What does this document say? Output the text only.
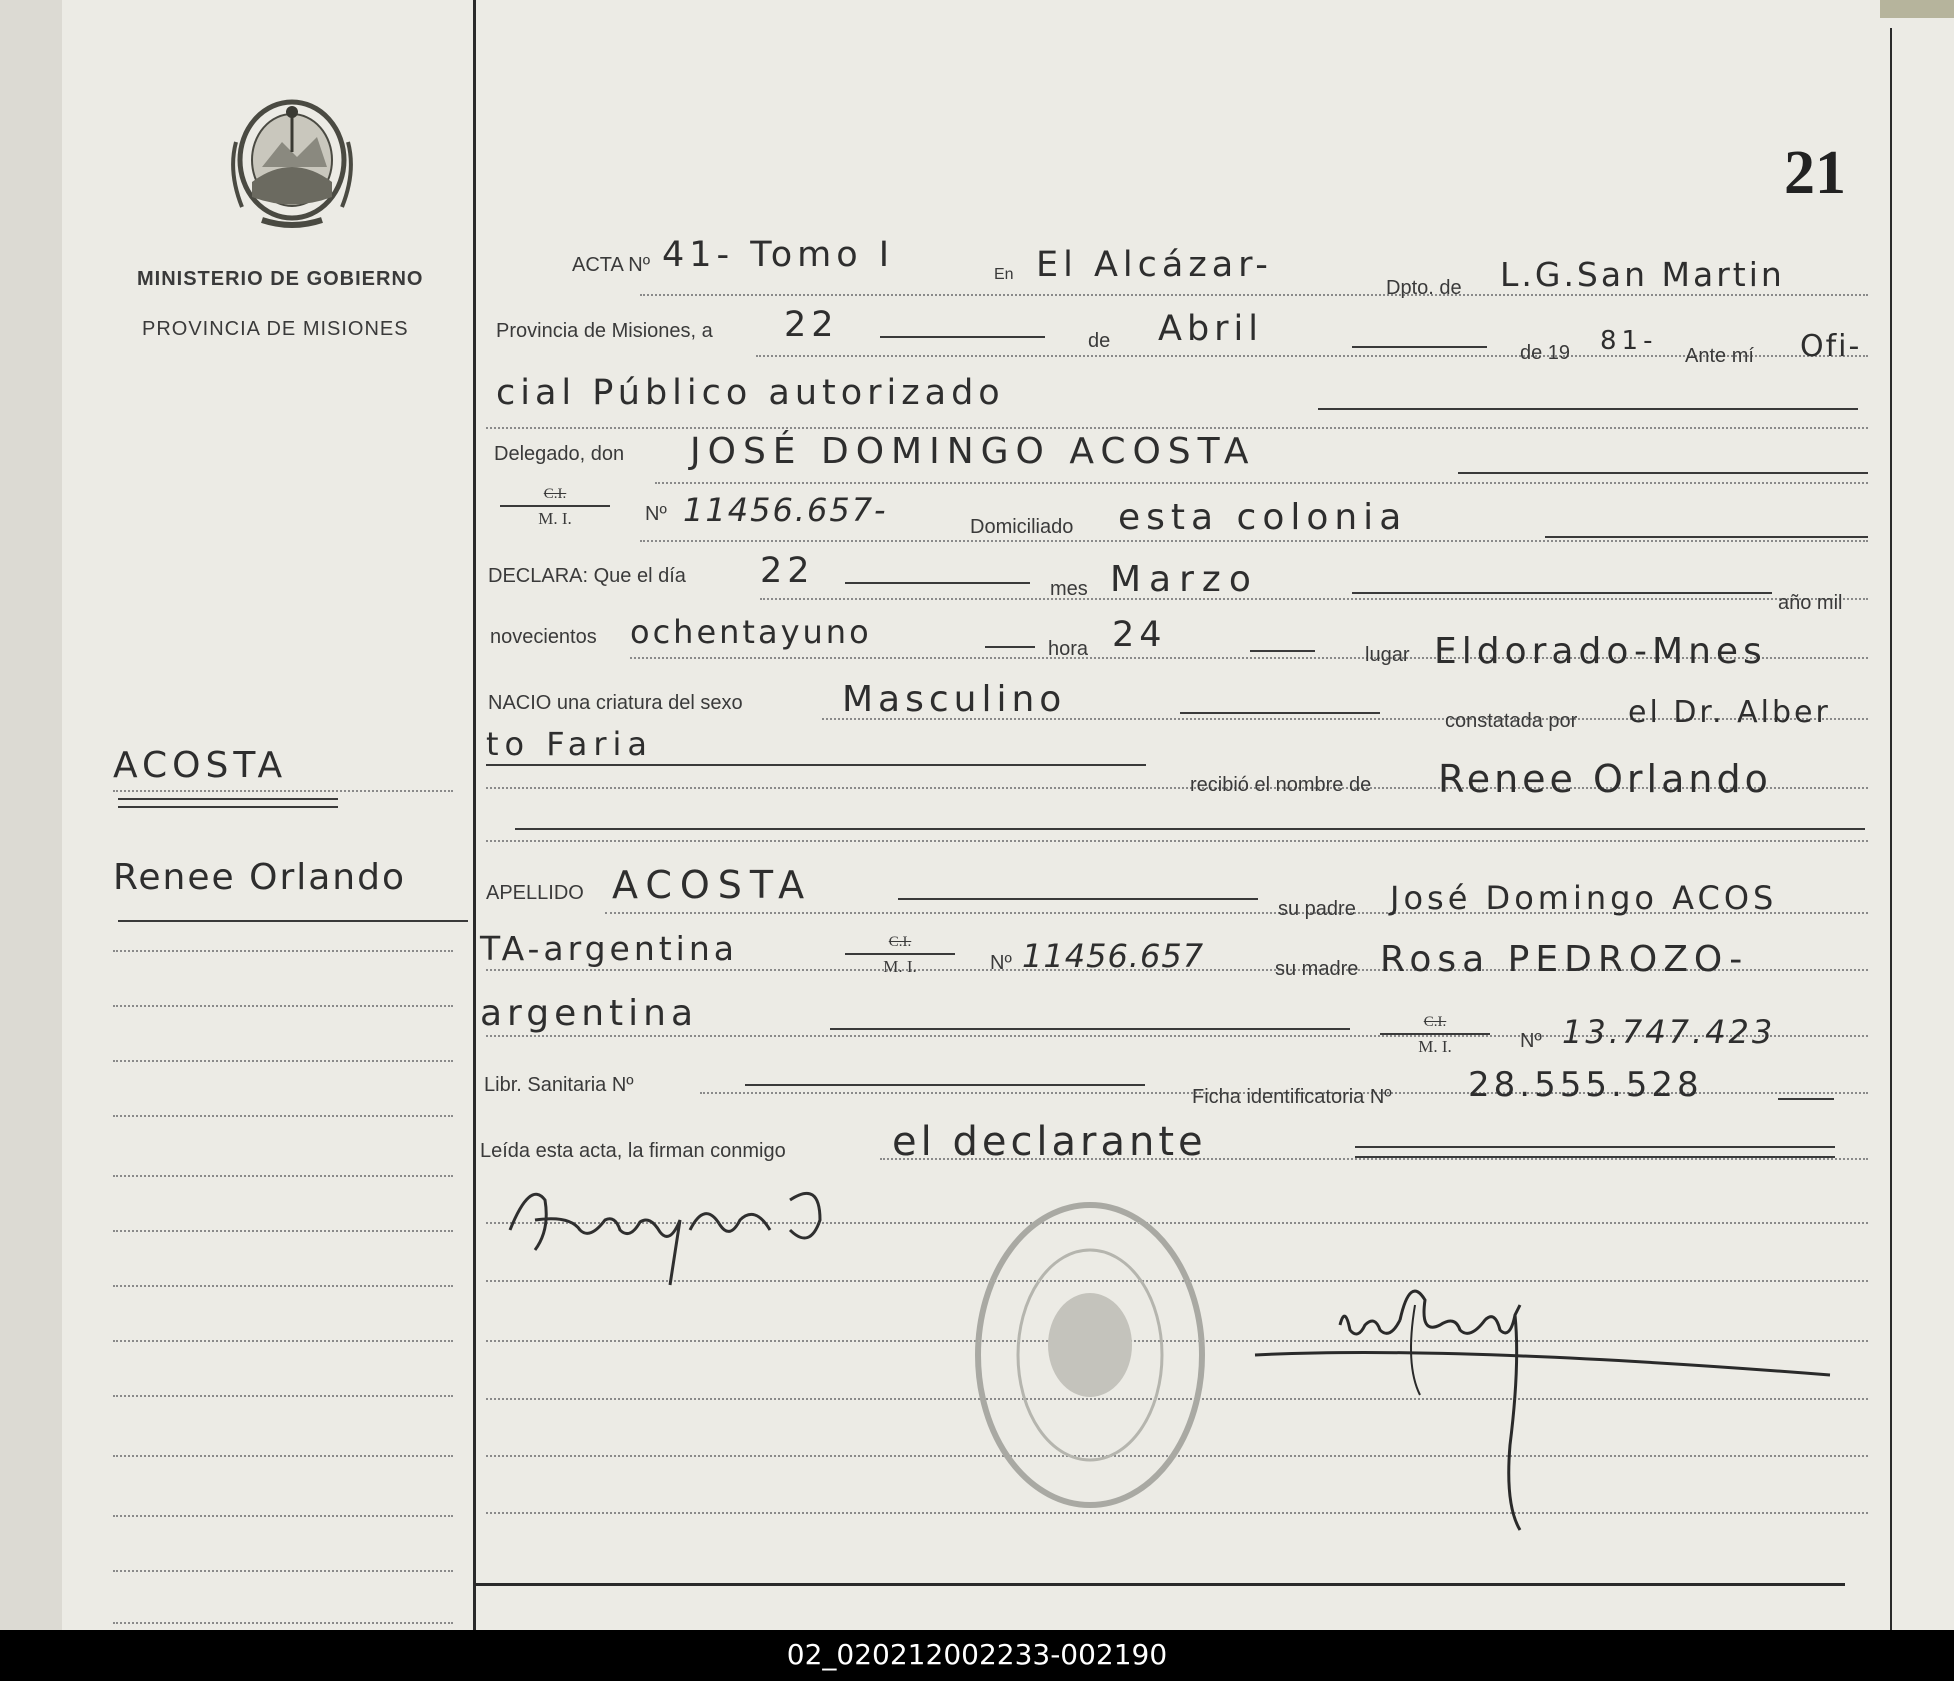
MINISTERIO DE GOBIERNO
PROVINCIA DE MISIONES
21
ACOSTA
Renee Orlando
ACTA Nº 41- Tomo I	En El Alcázar-
Dpto. de L.G.San Martin
Provincia de Misiones, a 22	de Abril
de 19 81- Ante mí Ofi-
cial Público autorizado
Delegado, don JOSÉ DOMINGO ACOSTA
C.I.
M. I.	Nº 11456.657-	Domiciliado esta colonia
DECLARA: Que el día 22	mes Marzo
año mil
novecientos ochentayuno	hora 24	lugar Eldorado-Mnes
NACIO una criatura del sexo	Masculino
constatada por el Dr. Alber
to Faria
recibió el nombre de Renee Orlando
APELLIDO ACOSTA
su padre José Domingo ACOS
TA-argentina	C.I.
M. I.	Nº 11456.657	su madre Rosa PEDROZO-
argentina	C.I.
M. I.	Nº 13.747.423
Libr. Sanitaria Nº
Ficha identificatoria Nº 28.555.528
Leída esta acta, la firman conmigo	el declarante
02_020212002233-002190
